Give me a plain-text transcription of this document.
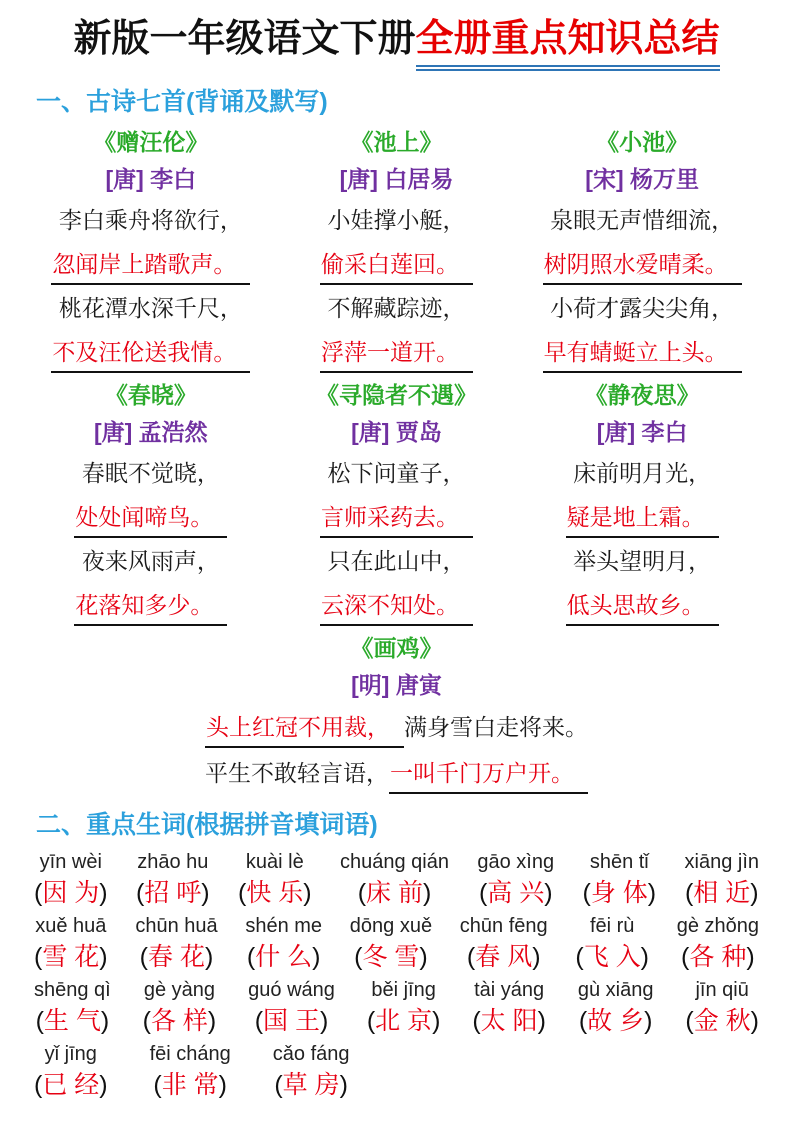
新版一年级语文下册全册重点知识总结
一、古诗七首(背诵及默写)
《赠汪伦》
[唐] 李白
李白乘舟将欲行，
忽闻岸上踏歌声。
桃花潭水深千尺，
不及汪伦送我情。
《池上》
[唐] 白居易
小娃撑小艇，
偷采白莲回。
不解藏踪迹，
浮萍一道开。
《小池》
[宋] 杨万里
泉眼无声惜细流，
树阴照水爱晴柔。
小荷才露尖尖角，
早有蜻蜓立上头。
《春晓》
[唐] 孟浩然
春眠不觉晓，
处处闻啼鸟。
夜来风雨声，
花落知多少。
《寻隐者不遇》
[唐] 贾岛
松下问童子，
言师采药去。
只在此山中，
云深不知处。
《静夜思》
[唐] 李白
床前明月光，
疑是地上霜。
举头望明月，
低头思故乡。
《画鸡》
[明] 唐寅
头上红冠不用裁， 满身雪白走将来。
平生不敢轻言语，一叫千门万户开。
二、重点生词(根据拼音填词语)
yīn wèi
(因 为)
zhāo hu
(招 呼)
kuài lè
(快 乐)
chuáng qián
(床 前)
gāo xìng
(高 兴)
shēn tǐ
(身 体)
xiāng jìn
(相 近)
xuě huā
(雪 花)
chūn huā
(春 花)
shén me
(什 么)
dōng xuě
(冬 雪)
chūn fēng
(春 风)
fēi rù
(飞 入)
gè zhǒng
(各 种)
shēng qì
(生 气)
gè yàng
(各 样)
guó wáng
(国 王)
běi jīng
(北 京)
tài yáng
(太 阳)
gù xiāng
(故 乡)
jīn qiū
(金 秋)
yǐ jīng
(已 经)
fēi cháng
(非 常)
cǎo fáng
(草 房)
